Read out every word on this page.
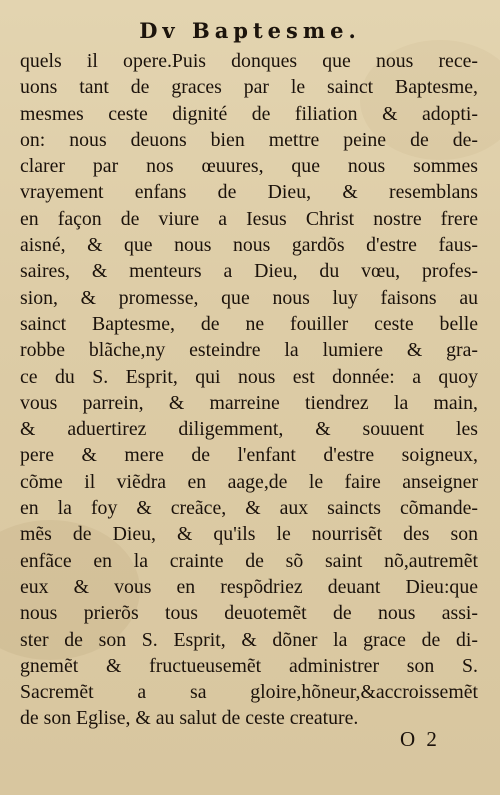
Dv Baptesme.
quels il opere.Puis donques que nous rece-
uons tant de graces par le sainct Baptesme,
mesmes ceste dignité de filiation & adopti-
on: nous deuons bien mettre peine de de-
clarer par nos œuures, que nous sommes
vrayement enfans de Dieu, & resemblans
en façon de viure a Iesus Christ nostre frere
aisné, & que nous nous gardõs d'estre faus-
saires, & menteurs a Dieu, du vœu, profes-
sion, & promesse, que nous luy faisons au
sainct Baptesme, de ne fouiller ceste belle
robbe blãche,ny esteindre la lumiere & gra-
ce du S. Esprit, qui nous est donnée: a quoy
vous parrein, & marreine tiendrez la main,
& aduertirez diligemment, & souuent les
pere & mere de l'enfant d'estre soigneux,
cõme il viẽdra en aage,de le faire anseigner
en la foy & creãce, & aux saincts cõmande-
mẽs de Dieu, & qu'ils le nourrisẽt des son
enfãce en la crainte de sõ saint nõ,autremẽt
eux & vous en respõdriez deuant Dieu:que
nous prierõs tous deuotemẽt de nous assi-
ster de son S. Esprit, & dõner la grace de di-
gnemẽt & fructueusemẽt administrer son S.
Sacremẽt a sa gloire,hõneur,&accroissemẽt
de son Eglise, & au salut de ceste creature.
O 2
